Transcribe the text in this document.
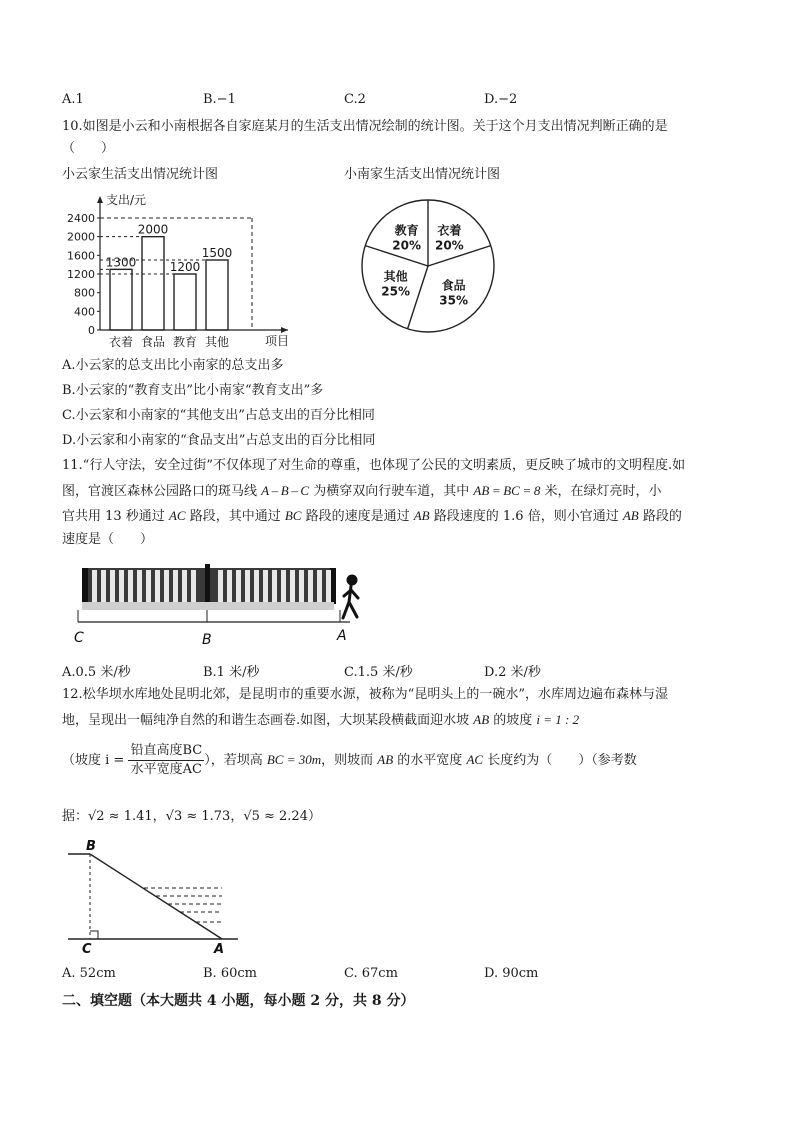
A.1	B.−1	C.2	D.−2
10.如图是小云和小南根据各自家庭某月的生活支出情况绘制的统计图。关于这个月支出情况判断正确的是
（　　）
小云家生活支出情况统计图	小南家生活支出情况统计图
支出/元
项目
0
400
800
1200
1600
2000
2400
1300
衣着
2000
食品
1200
教育
1500
其他
衣着
20%
食品
35%
其他
25%
教育
20%
A.小云家的总支出比小南家的总支出多
B.小云家的“教育支出”比小南家“教育支出”多
C.小云家和小南家的“其他支出”占总支出的百分比相同
D.小云家和小南家的“食品支出”占总支出的百分比相同
11.“行人守法，安全过街”不仅体现了对生命的尊重，也体现了公民的文明素质，更反映了城市的文明程度.如
图，官渡区森林公园路口的斑马线 A – B – C 为横穿双向行驶车道，其中 AB = BC = 8 米，在绿灯亮时，小
官共用 13 秒通过 AC 路段，其中通过 BC 路段的速度是通过 AB 路段速度的 1.6 倍，则小官通过 AB 路段的
速度是（　　）
C	B	A
A.0.5 米/秒	B.1 米/秒	C.1.5 米/秒	D.2 米/秒
12.松华坝水库地处昆明北郊，是昆明市的重要水源，被称为“昆明头上的一碗水”，水库周边遍布森林与湿
地，呈现出一幅纯净自然的和谐生态画卷.如图，大坝某段横截面迎水坡 AB 的坡度 i = 1 : 2
（坡度 $i = \frac{\text{铅直高度BC}}{\text{水平宽度AC}}$ ），若坝高 BC = 30m，则坡而 AB 的水平宽度 AC 长度约为（　　）（参考数
据：√2 ≈ 1.41，√3 ≈ 1.73，√5 ≈ 2.24）
B
C	A
A. 52cm	B. 60cm	C. 67cm	D. 90cm
二、填空题（本大题共 4 小题，每小题 2 分，共 8 分）
